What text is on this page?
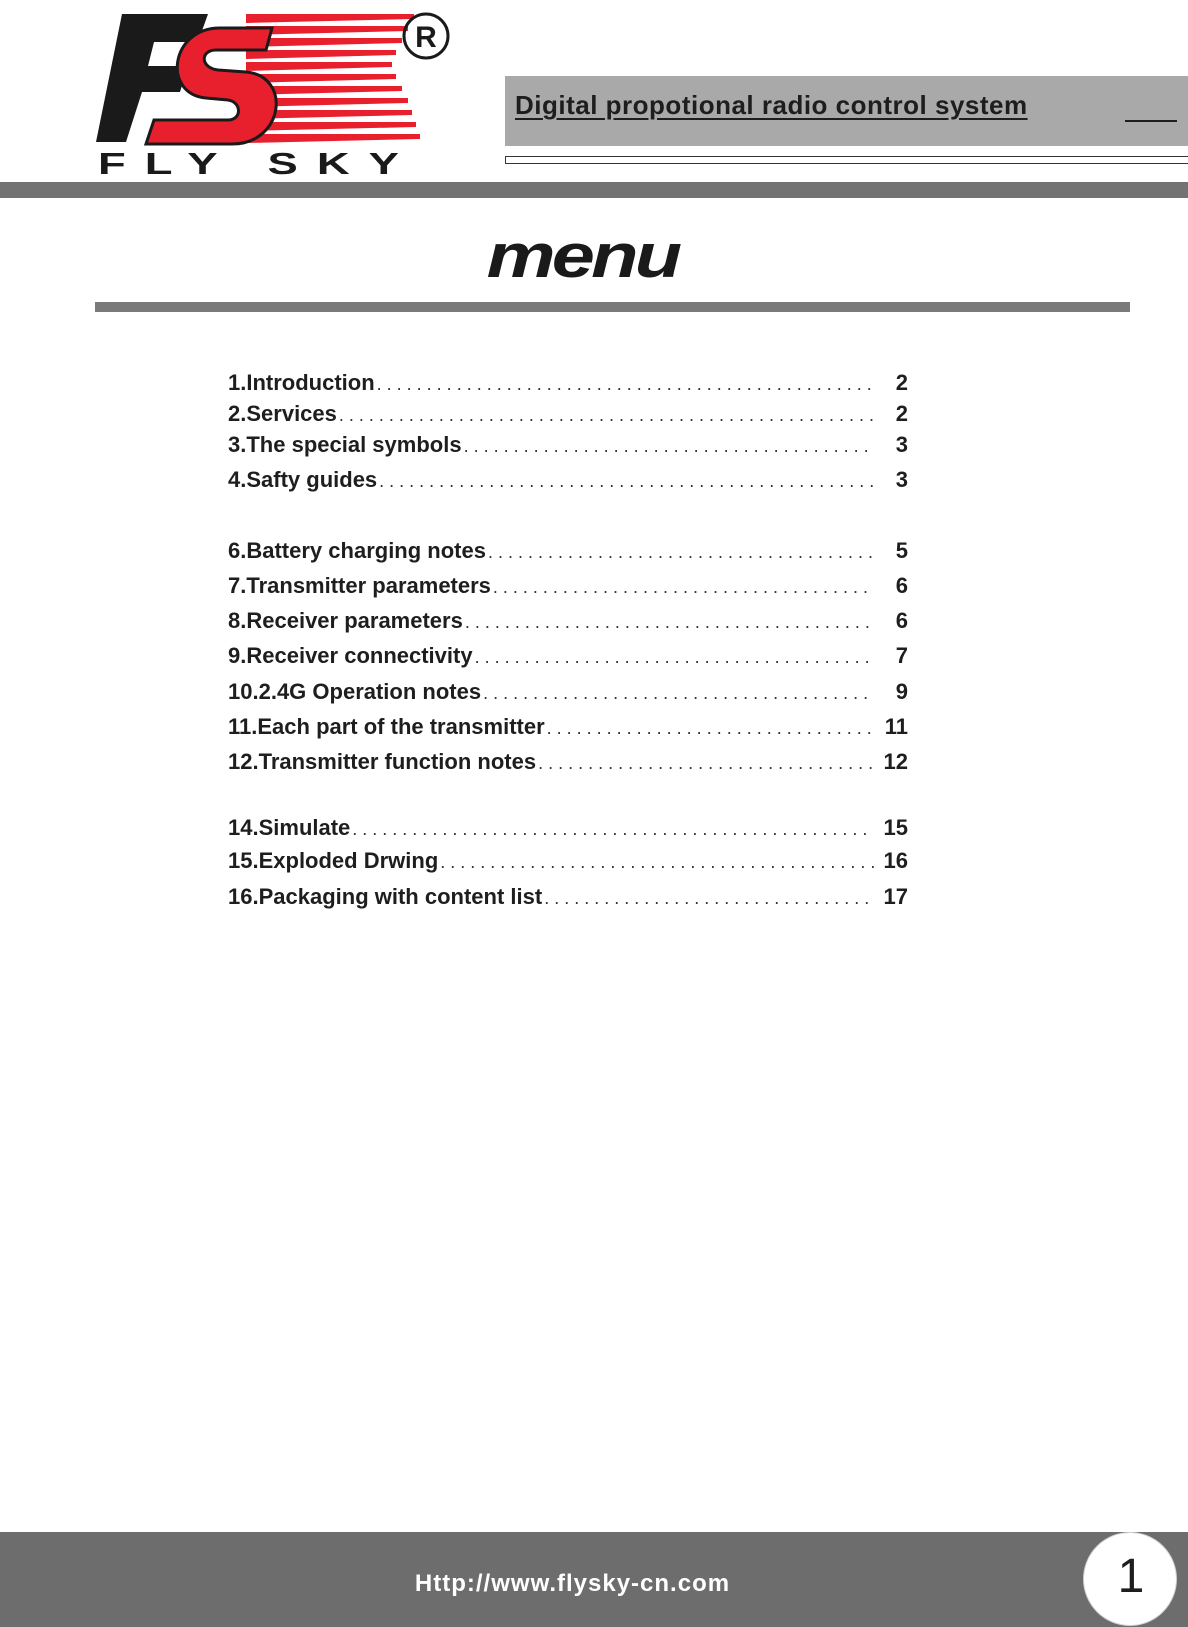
R
FLY SKY
Digital propotional radio control system
menu
1. Introduction . . .	2
2. Services . . .	2
3. The special symbols . . .	3
4. Safty guides . . .	3
6. Battery charging notes . . .	5
7. Transmitter parameters . . .	6
8. Receiver parameters . . .	6
9. Receiver connectivity . . .	7
10. 2.4G Operation notes . . .	9
11. Each part of the transmitter . . .	11
12. Transmitter function notes . . .	12
14. Simulate . . .	15
15. Exploded Drwing . . .	16
16. Packaging with content list . . .	17
Http://www.flysky-cn.com	1
